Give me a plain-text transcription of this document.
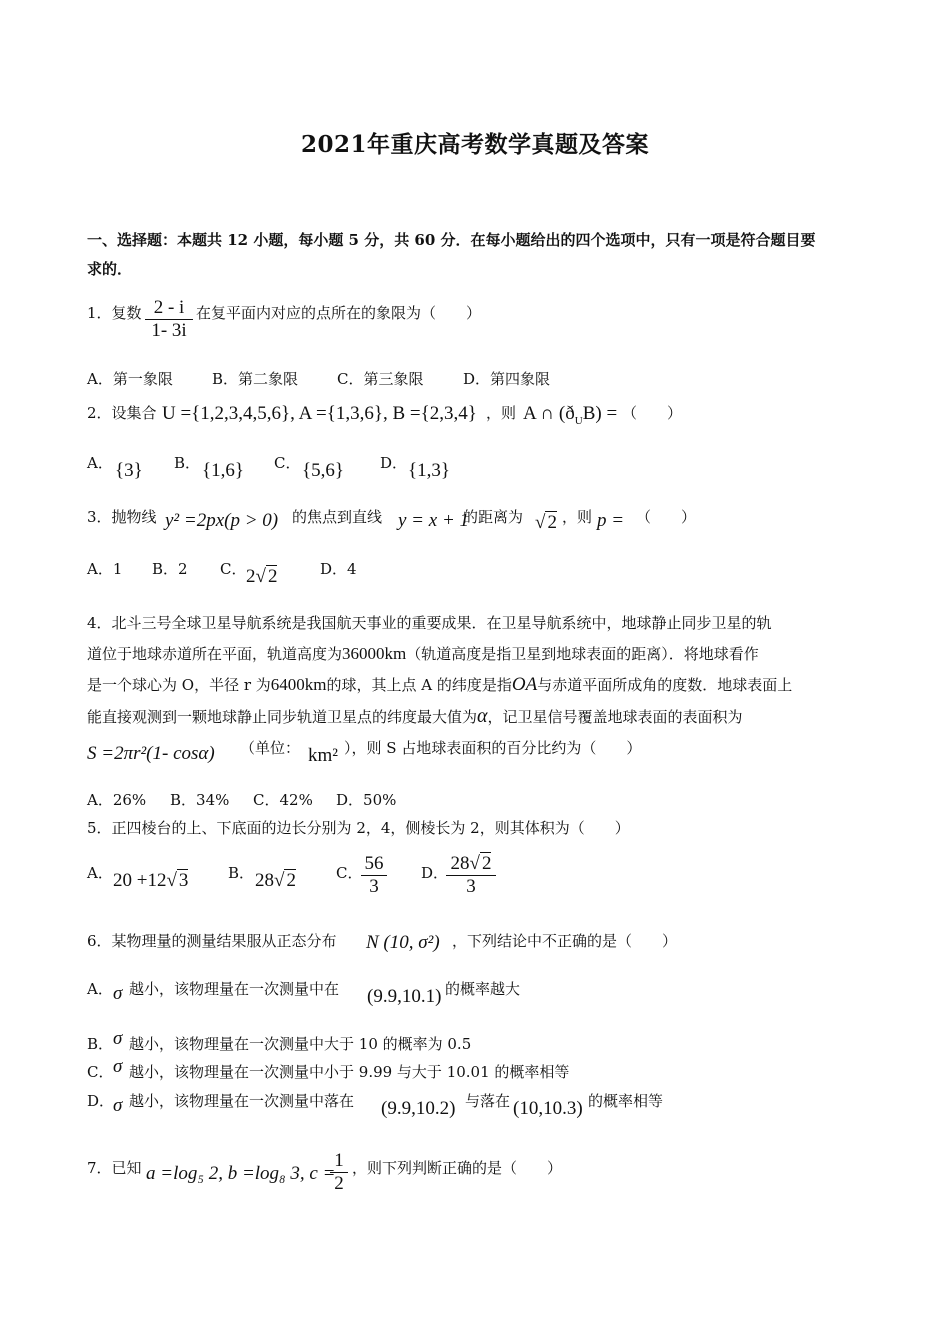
2021年重庆高考数学真题及答案
一、选择题：本题共 12 小题，每小题 5 分，共 60 分．在每小题给出的四个选项中，只有一项是符合题目要
求的．
1．复数 2 - i
1- 3i
在复平面内对应的点所在的象限为（　　）
A．第一象限	B．第二象限	C．第三象限	D．第四象限
2．设集合 U ={1,2,3,4,5,6}, A ={1,3,6}, B ={2,3,4} ，则 A ∩ $(ð_UB)$ = （　　）
A． {3} B． {1,6} C． {5,6} D． {1,3}
3．抛物线 y² =2px(p > 0) 的焦点到直线 y = x + 1
的距离为 √ 2 ，则 p = （　　）
A．1 B．2 C． 2√ 2	D．4
4．北斗三号全球卫星导航系统是我国航天事业的重要成果．在卫星导航系统中，地球静止同步卫星的轨
道位于地球赤道所在平面，轨道高度为36000km（轨道高度是指卫星到地球表面的距离）．将地球看作
是一个球心为 O，半径 r 为6400km的球，其上点 A 的纬度是指OA与赤道平面所成角的度数．地球表面上
能直接观测到一颗地球静止同步轨道卫星点的纬度最大值为α，记卫星信号覆盖地球表面的表面积为
S =2πr²(1- cosα) （单位： km² ），则 S 占地球表面积的百分比约为（　　）
A．26% B．34% C．42% D．50%
5．正四棱台的上、下底面的边长分别为 2，4，侧棱长为 2，则其体积为（　　）
A． 20 +12√ 3	B． 28√ 2	C． 56
3
D． 28√ 2
3
6．某物理量的测量结果服从正态分布 N (10, σ²) ，下列结论中不正确的是（　　）
A． σ 越小，该物理量在一次测量中在 (9.9,10.1) 的概率越大
B． σ 越小，该物理量在一次测量中大于 10 的概率为 0.5
C． σ 越小，该物理量在一次测量中小于 9.99 与大于 10.01 的概率相等
D．
σ 越小，该物理量在一次测量中落在 (9.9,10.2) 与落在 (10,10.3) 的概率相等
7．已知 a =log₅ 2, b =log₈ 3, c =
1
2
，则下列判断正确的是（　　）
